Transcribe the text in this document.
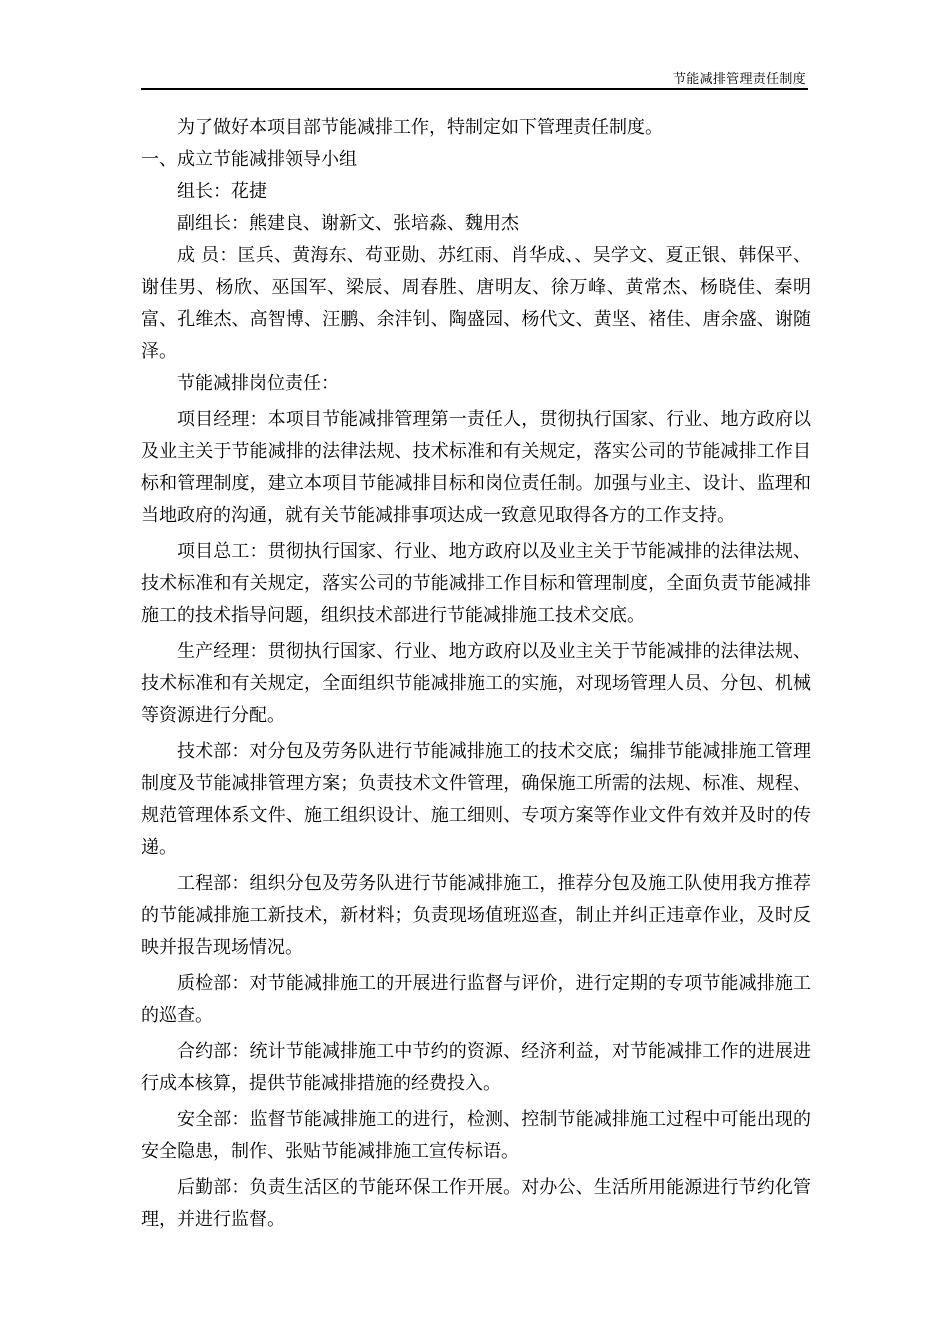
节能减排管理责任制度

为了做好本项目部节能减排工作，特制定如下管理责任制度。

一、成立节能减排领导小组

组长：花捷

副组长：熊建良、谢新文、张培淼、魏用杰

成 员：匡兵、黄海东、苟亚勋、苏红雨、肖华成、、吴学文、夏正银、韩保平、谢佳男、杨欣、巫国军、梁辰、周春胜、唐明友、徐万峰、黄常杰、杨晓佳、秦明富、孔维杰、高智博、汪鹏、余沣钊、陶盛园、杨代文、黄坚、褚佳、唐余盛、谢随泽。

节能减排岗位责任：

项目经理：本项目节能减排管理第一责任人，贯彻执行国家、行业、地方政府以及业主关于节能减排的法律法规、技术标准和有关规定，落实公司的节能减排工作目标和管理制度，建立本项目节能减排目标和岗位责任制。加强与业主、设计、监理和当地政府的沟通，就有关节能减排事项达成一致意见取得各方的工作支持。

项目总工：贯彻执行国家、行业、地方政府以及业主关于节能减排的法律法规、技术标准和有关规定，落实公司的节能减排工作目标和管理制度，全面负责节能减排施工的技术指导问题，组织技术部进行节能减排施工技术交底。

生产经理：贯彻执行国家、行业、地方政府以及业主关于节能减排的法律法规、技术标准和有关规定，全面组织节能减排施工的实施，对现场管理人员、分包、机械等资源进行分配。

技术部：对分包及劳务队进行节能减排施工的技术交底；编排节能减排施工管理制度及节能减排管理方案；负责技术文件管理，确保施工所需的法规、标准、规程、规范管理体系文件、施工组织设计、施工细则、专项方案等作业文件有效并及时的传递。

工程部：组织分包及劳务队进行节能减排施工，推荐分包及施工队使用我方推荐的节能减排施工新技术，新材料；负责现场值班巡查，制止并纠正违章作业，及时反映并报告现场情况。

质检部：对节能减排施工的开展进行监督与评价，进行定期的专项节能减排施工的巡查。

合约部：统计节能减排施工中节约的资源、经济利益，对节能减排工作的进展进行成本核算，提供节能减排措施的经费投入。

安全部：监督节能减排施工的进行，检测、控制节能减排施工过程中可能出现的安全隐患，制作、张贴节能减排施工宣传标语。

后勤部：负责生活区的节能环保工作开展。对办公、生活所用能源进行节约化管理，并进行监督。
